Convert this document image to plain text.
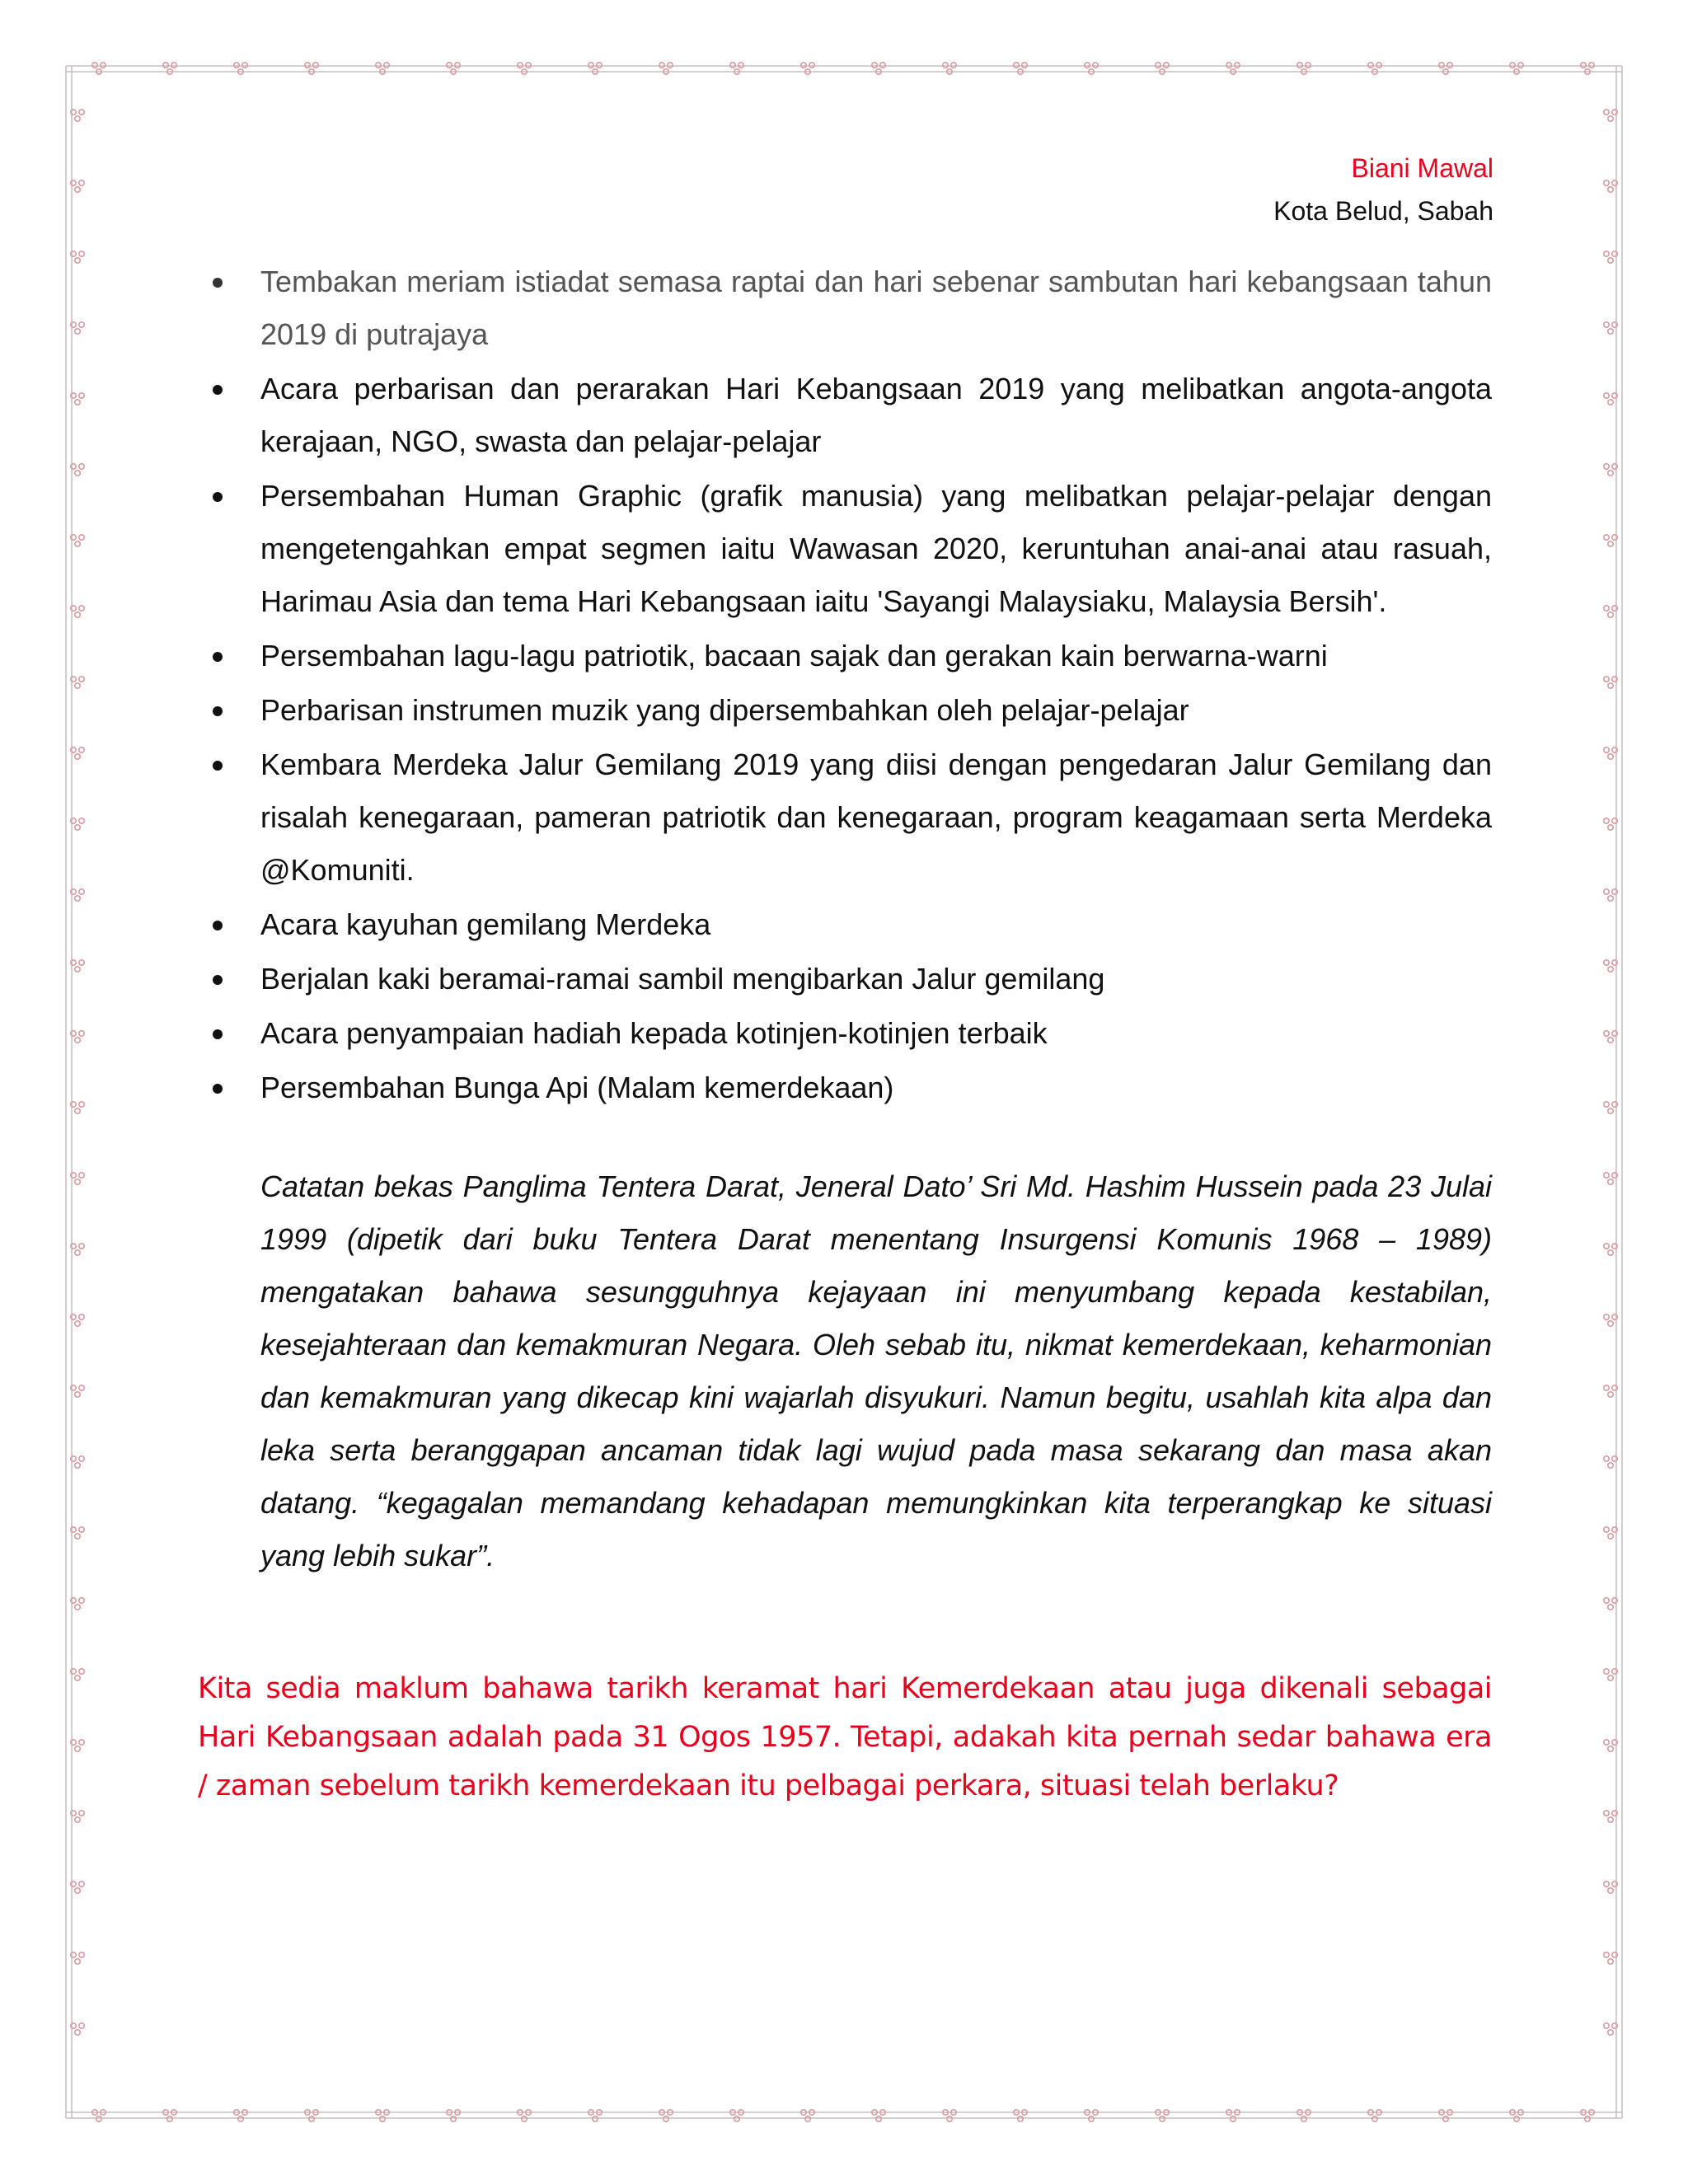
Biani Mawal
Kota Belud, Sabah
Tembakan meriam istiadat semasa raptai dan hari sebenar sambutan hari kebangsaan tahun 2019 di putrajaya
Acara perbarisan dan perarakan Hari Kebangsaan 2019 yang melibatkan angota-angota kerajaan, NGO, swasta dan pelajar-pelajar
Persembahan Human Graphic (grafik manusia) yang melibatkan pelajar-pelajar dengan mengetengahkan empat segmen iaitu Wawasan 2020, keruntuhan anai-anai atau rasuah, Harimau Asia dan tema Hari Kebangsaan iaitu 'Sayangi Malaysiaku, Malaysia Bersih'.
Persembahan lagu-lagu patriotik, bacaan sajak dan gerakan kain berwarna-warni
Perbarisan instrumen muzik yang dipersembahkan oleh pelajar-pelajar
Kembara Merdeka Jalur Gemilang 2019 yang diisi dengan pengedaran Jalur Gemilang dan risalah kenegaraan, pameran patriotik dan kenegaraan, program keagamaan serta Merdeka @Komuniti.
Acara kayuhan gemilang Merdeka
Berjalan kaki beramai-ramai sambil mengibarkan Jalur gemilang
Acara penyampaian hadiah kepada kotinjen-kotinjen terbaik
Persembahan Bunga Api (Malam kemerdekaan)
Catatan bekas Panglima Tentera Darat, Jeneral Dato’ Sri Md. Hashim Hussein pada 23 Julai 1999 (dipetik dari buku Tentera Darat menentang Insurgensi Komunis 1968 – 1989) mengatakan bahawa sesungguhnya kejayaan ini menyumbang kepada kestabilan, kesejahteraan dan kemakmuran Negara. Oleh sebab itu, nikmat kemerdekaan, keharmonian dan kemakmuran yang dikecap kini wajarlah disyukuri. Namun begitu, usahlah kita alpa dan leka serta beranggapan ancaman tidak lagi wujud pada masa sekarang dan masa akan datang. “kegagalan memandang kehadapan memungkinkan kita terperangkap ke situasi yang lebih sukar”.
Kita sedia maklum bahawa tarikh keramat hari Kemerdekaan atau juga dikenali sebagai Hari Kebangsaan adalah pada 31 Ogos 1957. Tetapi, adakah kita pernah sedar bahawa era / zaman sebelum tarikh kemerdekaan itu pelbagai perkara, situasi telah berlaku?
